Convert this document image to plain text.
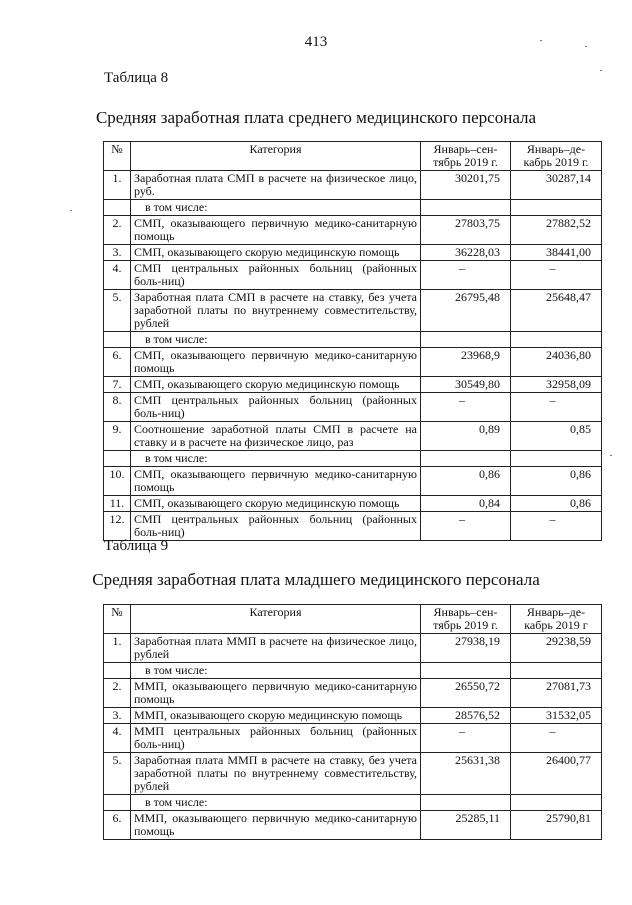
413
Таблица 8
Средняя заработная плата среднего медицинского персонала
№	Категория	Январь–сен-тябрь 2019 г.	Январь–де-кабрь 2019 г.
1.	Заработная плата СМП в расчете на физическое лицо, руб.	30201,75	30287,14
	в том числе:		
2.	СМП, оказывающего первичную медико-санитарную помощь	27803,75	27882,52
3.	СМП, оказывающего скорую медицинскую помощь	36228,03	38441,00
4.	СМП центральных районных больниц (районных боль-ниц)	–	–
5.	Заработная плата СМП в расчете на ставку, без учета заработной платы по внутреннему совместительству, рублей	26795,48	25648,47
	в том числе:		
6.	СМП, оказывающего первичную медико-санитарную помощь	23968,9	24036,80
7.	СМП, оказывающего скорую медицинскую помощь	30549,80	32958,09
8.	СМП центральных районных больниц (районных боль-ниц)	–	–
9.	Соотношение заработной платы СМП в расчете на ставку и в расчете на физическое лицо, раз	0,89	0,85
	в том числе:		
10.	СМП, оказывающего первичную медико-санитарную помощь	0,86	0,86
11.	СМП, оказывающего скорую медицинскую помощь	0,84	0,86
12.	СМП центральных районных больниц (районных боль-ниц)	–	–
Таблица 9
Средняя заработная плата младшего медицинского персонала
№	Категория	Январь–сен-тябрь 2019 г.	Январь–де-кабрь 2019 г
1.	Заработная плата ММП в расчете на физическое лицо, рублей	27938,19	29238,59
	в том числе:		
2.	ММП, оказывающего первичную медико-санитарную помощь	26550,72	27081,73
3.	ММП, оказывающего скорую медицинскую помощь	28576,52	31532,05
4.	ММП центральных районных больниц (районных боль-ниц)	–	–
5.	Заработная плата ММП в расчете на ставку, без учета заработной платы по внутреннему совместительству, рублей	25631,38	26400,77
	в том числе:		
6.	ММП, оказывающего первичную медико-санитарную помощь	25285,11	25790,81
